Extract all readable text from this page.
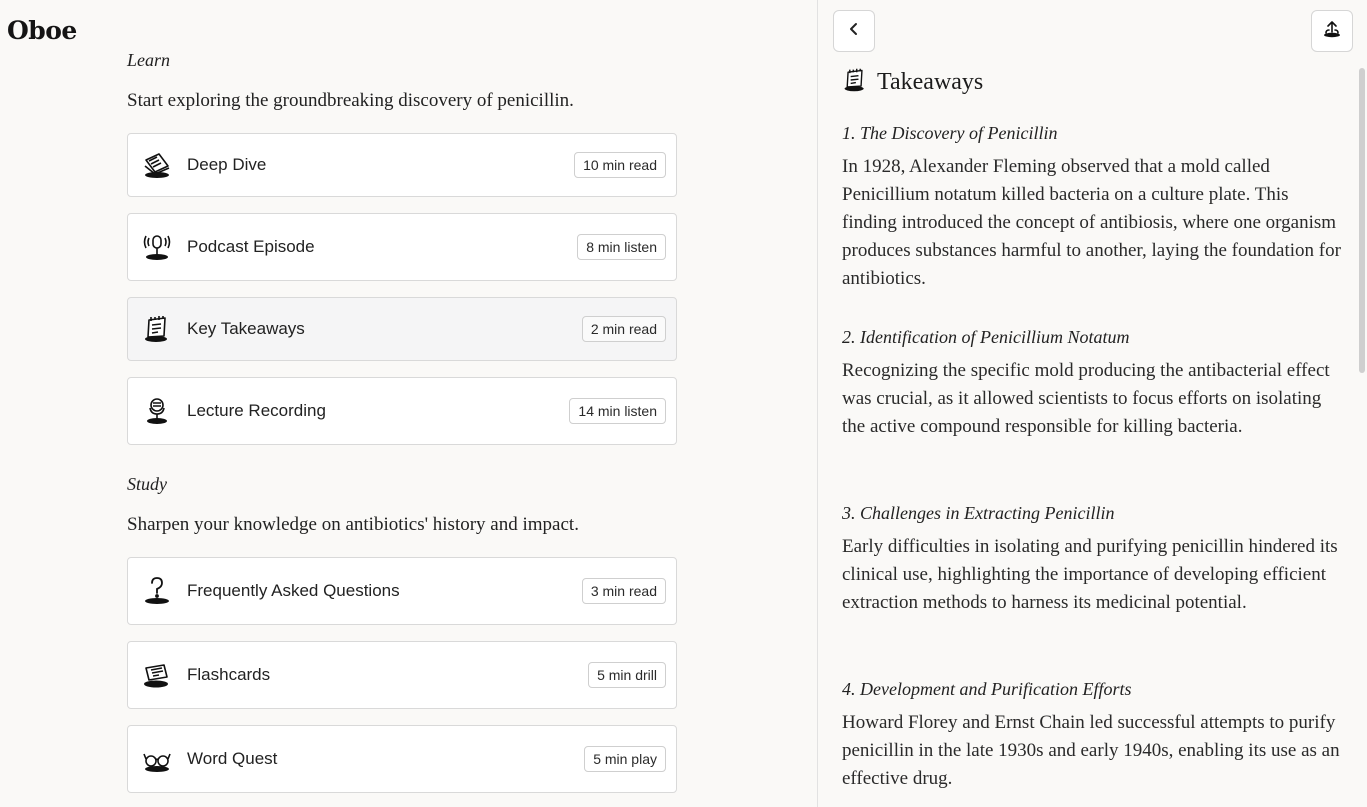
Oboe
Learn
Start exploring the groundbreaking discovery of penicillin.
Deep Dive	10 min read
Podcast Episode	8 min listen
Key Takeaways	2 min read
Lecture Recording	14 min listen
Study
Sharpen your knowledge on antibiotics' history and impact.
Frequently Asked Questions	3 min read
Flashcards	5 min drill
Word Quest	5 min play
Takeaways
1. The Discovery of Penicillin

In 1928, Alexander Fleming observed that a mold called Penicillium notatum killed bacteria on a culture plate. This finding introduced the concept of antibiosis, where one organism produces substances harmful to another, laying the foundation for antibiotics.

2. Identification of Penicillium Notatum

Recognizing the specific mold producing the antibacterial effect was crucial, as it allowed scientists to focus efforts on isolating the active compound responsible for killing bacteria.

3. Challenges in Extracting Penicillin

Early difficulties in isolating and purifying penicillin hindered its clinical use, highlighting the importance of developing efficient extraction methods to harness its medicinal potential.

4. Development and Purification Efforts

Howard Florey and Ernst Chain led successful attempts to purify penicillin in the late 1930s and early 1940s, enabling its use as an effective drug.
